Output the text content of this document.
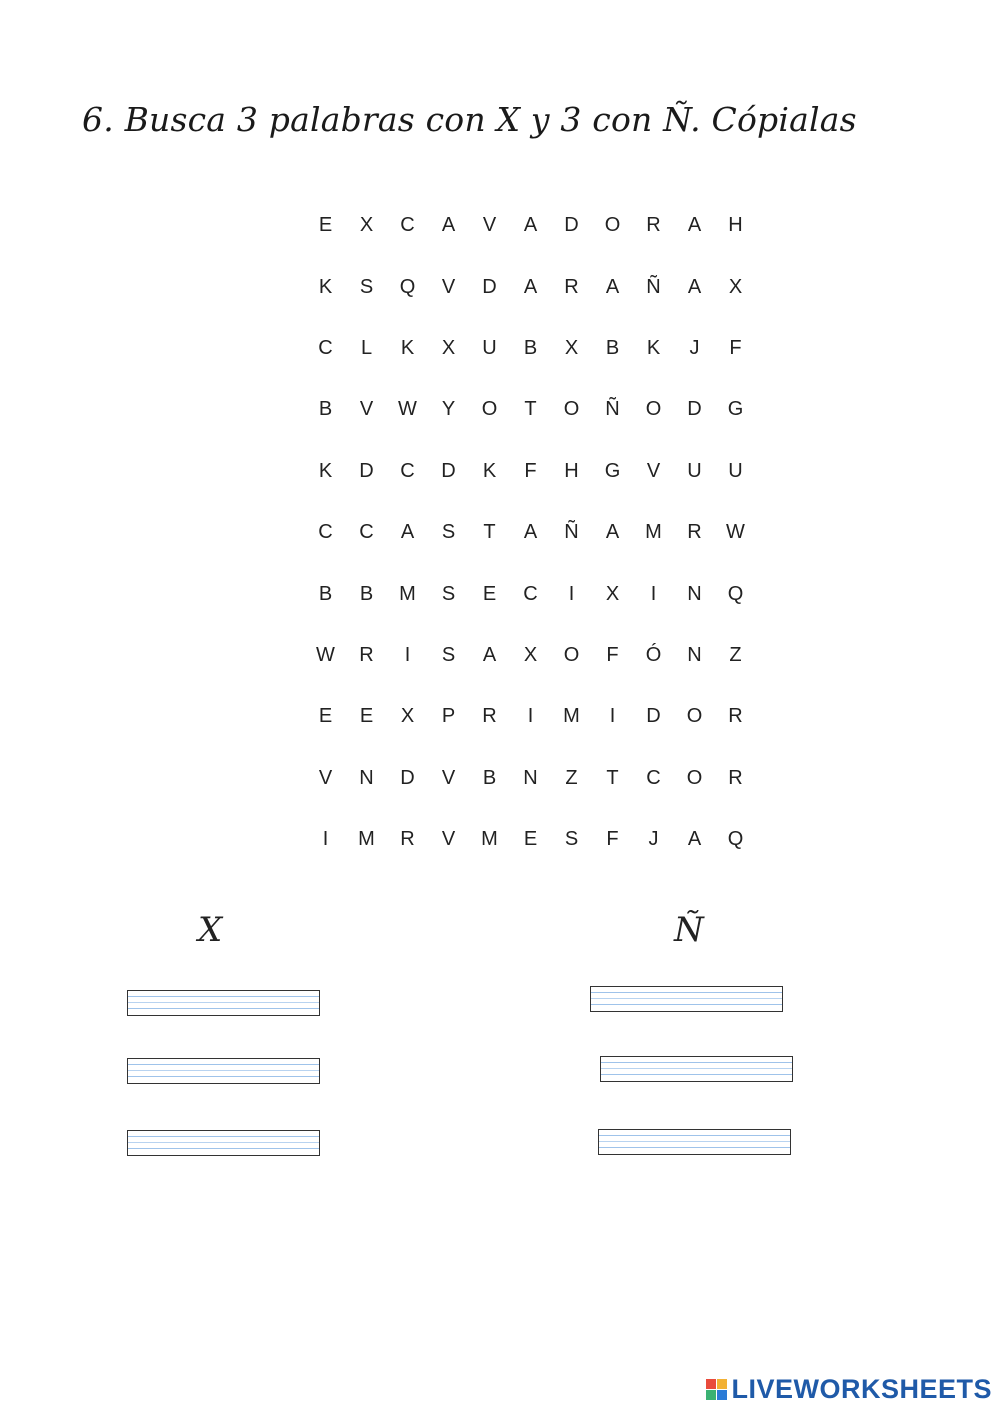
6. Busca 3 palabras con X y 3 con Ñ. Cópialas
E	X	C	A	V	A	D	O	R	A	H
K	S	Q	V	D	A	R	A	Ñ	A	X
C	L	K	X	U	B	X	B	K	J	F
B	V	W	Y	O	T	O	Ñ	O	D	G
K	D	C	D	K	F	H	G	V	U	U
C	C	A	S	T	A	Ñ	A	M	R	W
B	B	M	S	E	C	I	X	I	N	Q
W	R	I	S	A	X	O	F	Ó	N	Z
E	E	X	P	R	I	M	I	D	O	R
V	N	D	V	B	N	Z	T	C	O	R
I	M	R	V	M	E	S	F	J	A	Q
X	Ñ
LIVEWORKSHEETS
